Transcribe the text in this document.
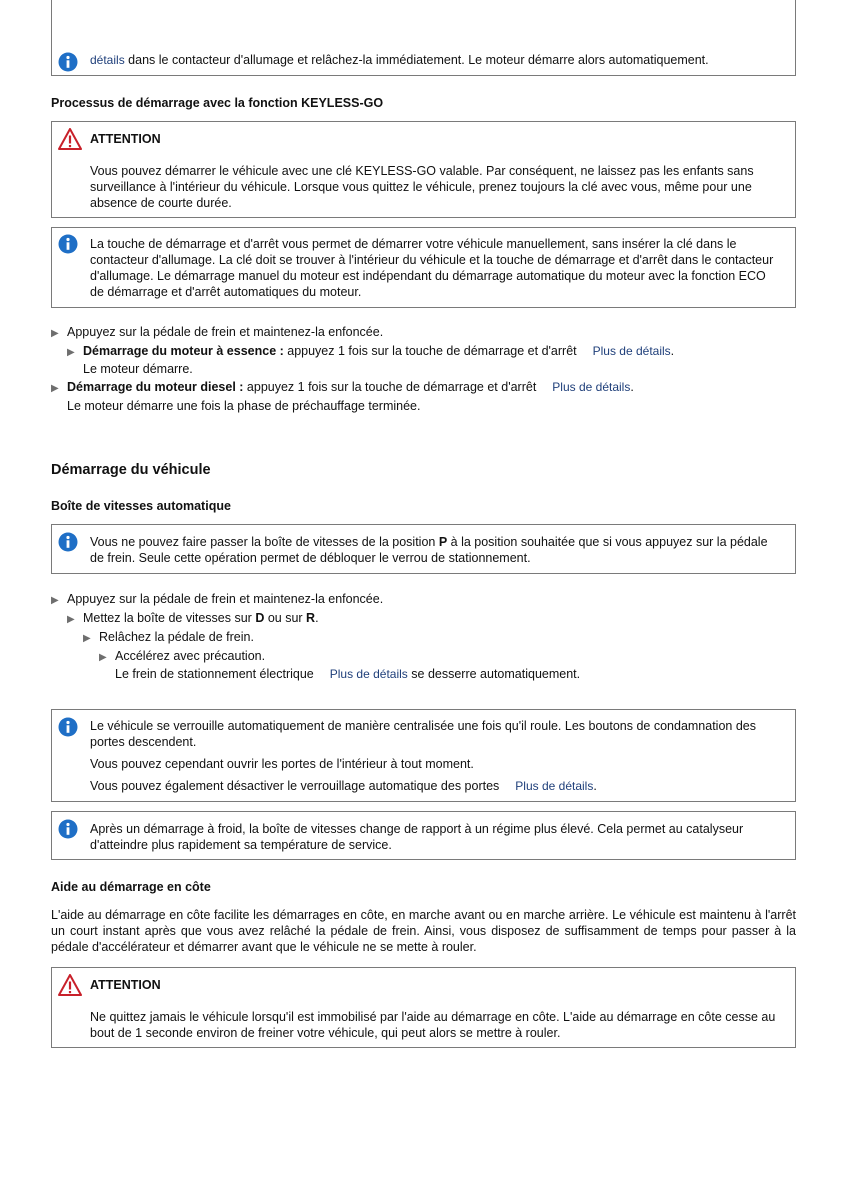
détails dans le contacteur d'allumage et relâchez-la immédiatement. Le moteur démarre alors automatiquement.
Processus de démarrage avec la fonction KEYLESS-GO
ATTENTION
Vous pouvez démarrer le véhicule avec une clé KEYLESS-GO valable. Par conséquent, ne laissez pas les enfants sans surveillance à l'intérieur du véhicule. Lorsque vous quittez le véhicule, prenez toujours la clé avec vous, même pour une absence de courte durée.
La touche de démarrage et d'arrêt vous permet de démarrer votre véhicule manuellement, sans insérer la clé dans le contacteur d'allumage. La clé doit se trouver à l'intérieur du véhicule et la touche de démarrage et d'arrêt dans le contacteur d'allumage. Le démarrage manuel du moteur est indépendant du démarrage automatique du moteur avec la fonction ECO de démarrage et d'arrêt automatiques du moteur.
▶ Appuyez sur la pédale de frein et maintenez-la enfoncée.
▶ Démarrage du moteur à essence : appuyez 1 fois sur la touche de démarrage et d'arrêt Plus de détails.
Le moteur démarre.
▶ Démarrage du moteur diesel : appuyez 1 fois sur la touche de démarrage et d'arrêt Plus de détails.
Le moteur démarre une fois la phase de préchauffage terminée.
Démarrage du véhicule
Boîte de vitesses automatique
Vous ne pouvez faire passer la boîte de vitesses de la position P à la position souhaitée que si vous appuyez sur la pédale de frein. Seule cette opération permet de débloquer le verrou de stationnement.
▶ Appuyez sur la pédale de frein et maintenez-la enfoncée.
▶ Mettez la boîte de vitesses sur D ou sur R.
▶ Relâchez la pédale de frein.
▶ Accélérez avec précaution.
Le frein de stationnement électrique Plus de détails se desserre automatiquement.

Le véhicule se verrouille automatiquement de manière centralisée une fois qu'il roule. Les boutons de condamnation des portes descendent.

Vous pouvez cependant ouvrir les portes de l'intérieur à tout moment.

Vous pouvez également désactiver le verrouillage automatique des portes Plus de détails.

Après un démarrage à froid, la boîte de vitesses change de rapport à un régime plus élevé. Cela permet au catalyseur d'atteindre plus rapidement sa température de service.
Aide au démarrage en côte
L'aide au démarrage en côte facilite les démarrages en côte, en marche avant ou en marche arrière. Le véhicule est maintenu à l'arrêt un court instant après que vous avez relâché la pédale de frein. Ainsi, vous disposez de suffisamment de temps pour passer à la pédale d'accélérateur et démarrer avant que le véhicule ne se mette à rouler.
ATTENTION
Ne quittez jamais le véhicule lorsqu'il est immobilisé par l'aide au démarrage en côte. L'aide au démarrage en côte cesse au bout de 1 seconde environ de freiner votre véhicule, qui peut alors se mettre à rouler.
